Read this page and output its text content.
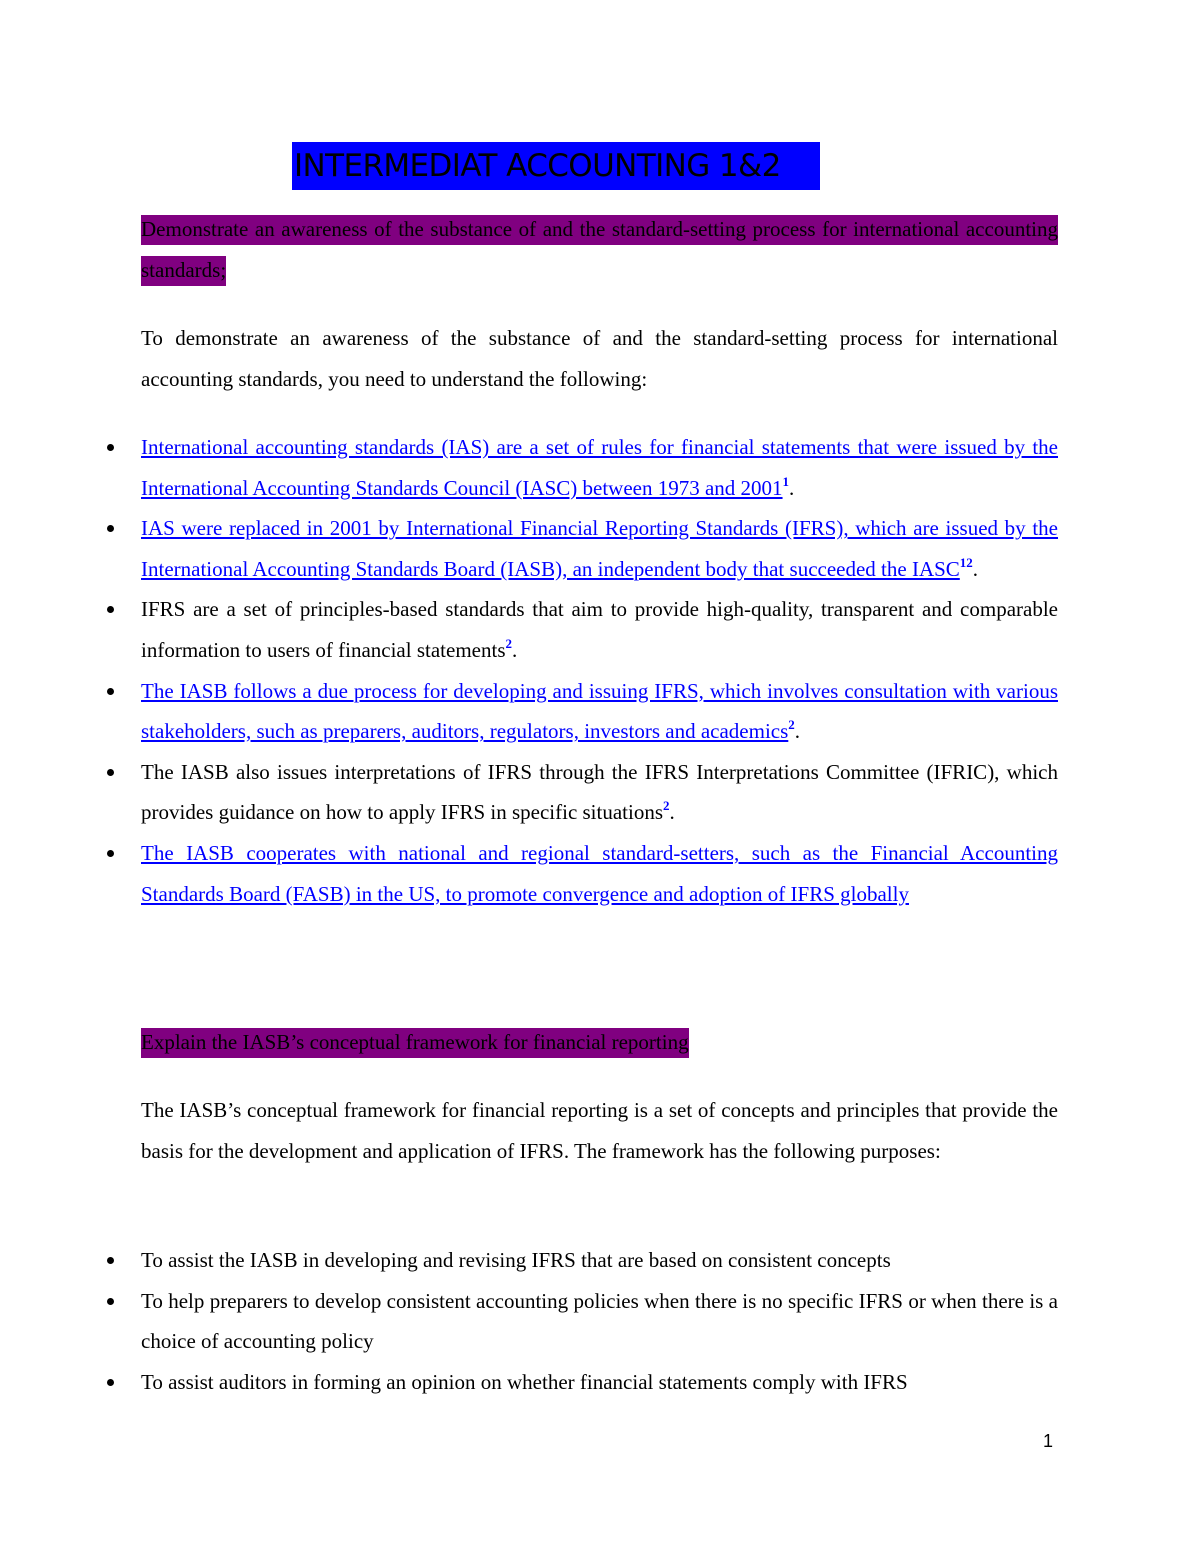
INTERMEDIAT ACCOUNTING 1&2
Demonstrate an awareness of the substance of and the standard-setting process for international accounting standards;
To demonstrate an awareness of the substance of and the standard-setting process for international accounting standards, you need to understand the following:
International accounting standards (IAS) are a set of rules for financial statements that were issued by the International Accounting Standards Council (IASC) between 1973 and 2001$^1$.
IAS were replaced in 2001 by International Financial Reporting Standards (IFRS), which are issued by the International Accounting Standards Board (IASB), an independent body that succeeded the IASC$^{12}$.
IFRS are a set of principles-based standards that aim to provide high-quality, transparent and comparable information to users of financial statements$^2$.
The IASB follows a due process for developing and issuing IFRS, which involves consultation with various stakeholders, such as preparers, auditors, regulators, investors and academics$^2$.
The IASB also issues interpretations of IFRS through the IFRS Interpretations Committee (IFRIC), which provides guidance on how to apply IFRS in specific situations$^2$.
The IASB cooperates with national and regional standard-setters, such as the Financial Accounting Standards Board (FASB) in the US, to promote convergence and adoption of IFRS globally
Explain the IASB’s conceptual framework for financial reporting
The IASB’s conceptual framework for financial reporting is a set of concepts and principles that provide the basis for the development and application of IFRS. The framework has the following purposes:
To assist the IASB in developing and revising IFRS that are based on consistent concepts
To help preparers to develop consistent accounting policies when there is no specific IFRS or when there is a choice of accounting policy
To assist auditors in forming an opinion on whether financial statements comply with IFRS
1
